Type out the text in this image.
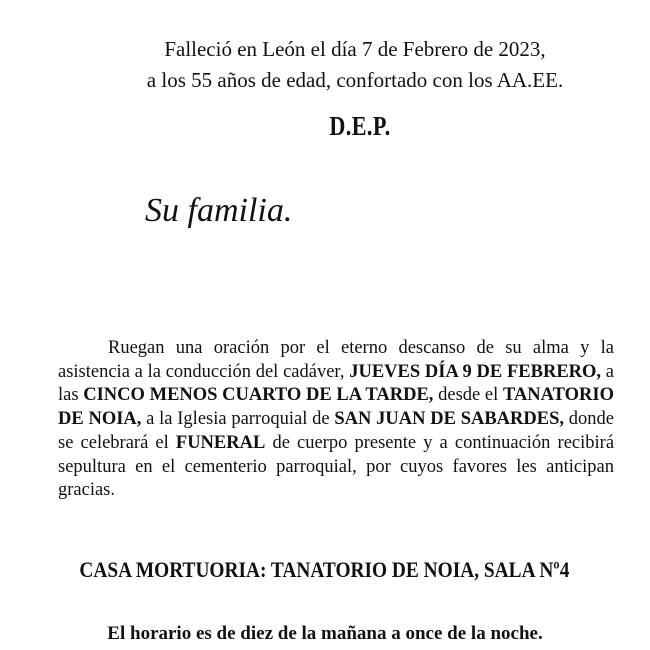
Falleció en León el día 7 de Febrero de 2023,
a los 55 años de edad, confortado con los AA.EE.
D.E.P.
Su familia.
Ruegan una oración por el eterno descanso de su alma y la asistencia a la conducción del cadáver, JUEVES DÍA 9 DE FEBRERO, a las CINCO MENOS CUARTO DE LA TARDE, desde el TANATORIO DE NOIA, a la Iglesia parroquial de SAN JUAN DE SABARDES, donde se celebrará el FUNERAL de cuerpo presente y a continuación recibirá sepultura en el cementerio parroquial, por cuyos favores les anticipan gracias.
CASA MORTUORIA: TANATORIO DE NOIA, SALA Nº4
El horario es de diez de la mañana a once de la noche.
